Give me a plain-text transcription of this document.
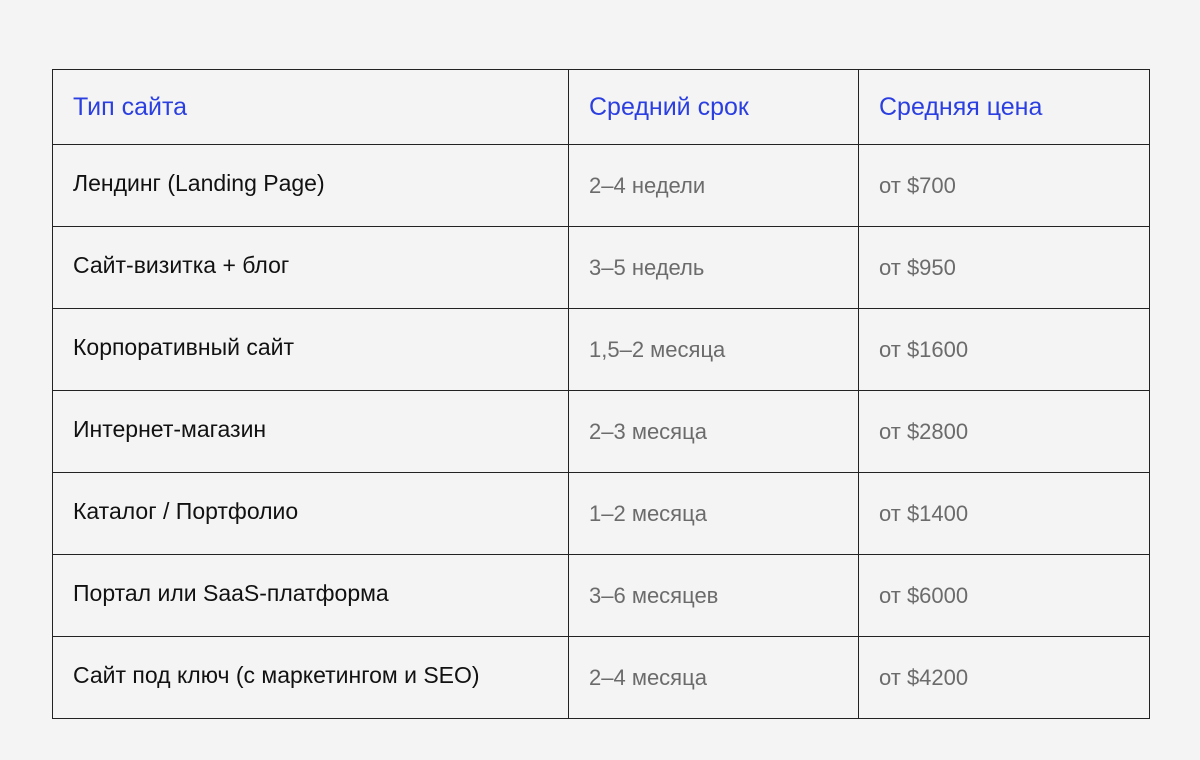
Тип сайта	Средний срок	Средняя цена
Лендинг (Landing Page)	2–4 недели	от $700
Сайт-визитка + блог	3–5 недель	от $950
Корпоративный сайт	1,5–2 месяца	от $1600
Интернет-магазин	2–3 месяца	от $2800
Каталог / Портфолио	1–2 месяца	от $1400
Портал или SaaS-платформа	3–6 месяцев	от $6000
Сайт под ключ (с маркетингом и SEO)	2–4 месяца	от $4200
